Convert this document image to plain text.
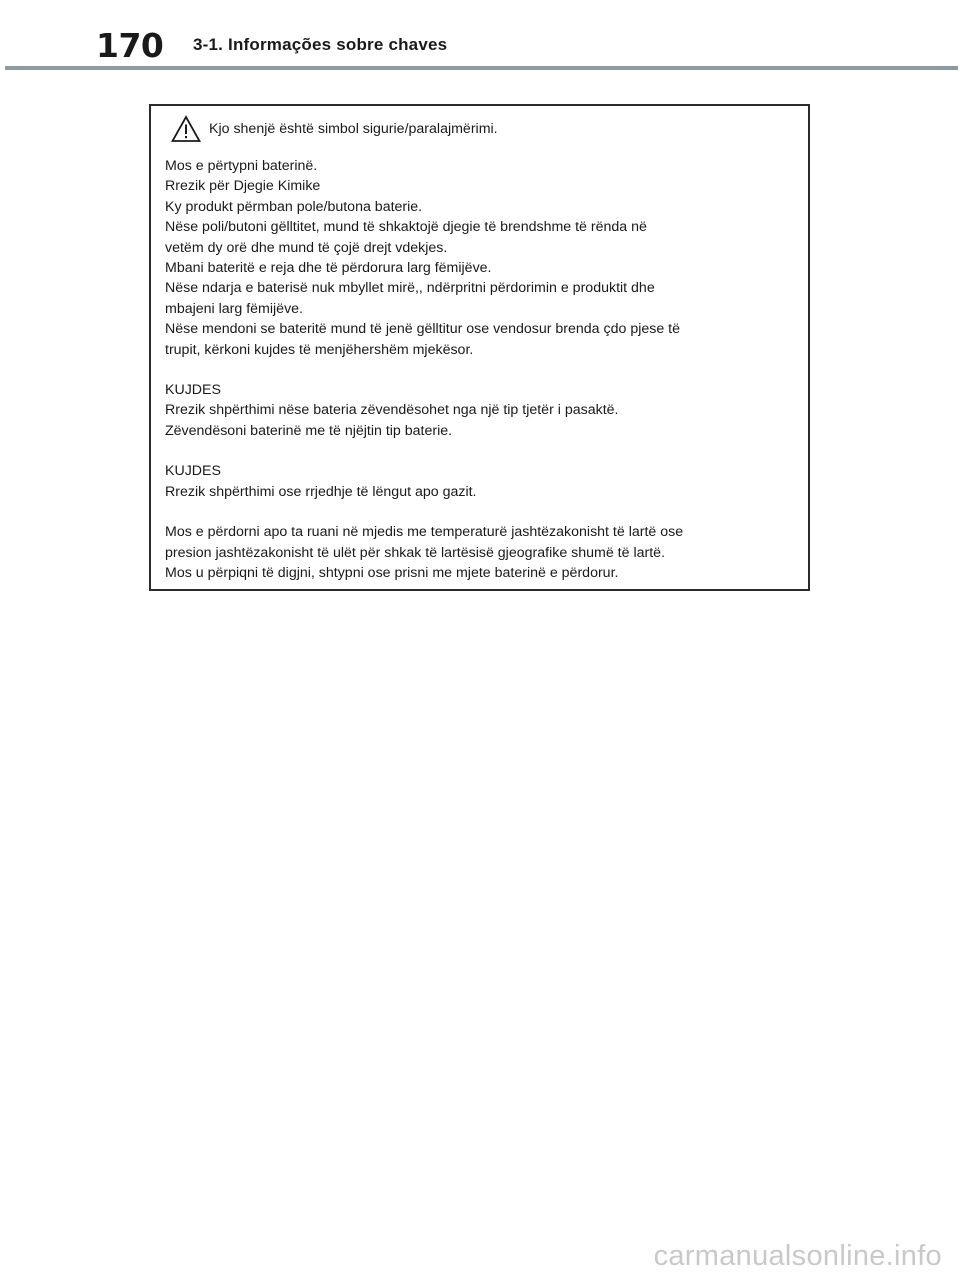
170 3-1. Informações sobre chaves
Kjo shenjë është simbol sigurie/paralajmërimi.
Mos e përtypni baterinë.
Rrezik për Djegie Kimike
Ky produkt përmban pole/butona baterie.
Nëse poli/butoni gëlltitet, mund të shkaktojë djegie të brendshme të rënda në
vetëm dy orë dhe mund të çojë drejt vdekjes.
Mbani bateritë e reja dhe të përdorura larg fëmijëve.
Nëse ndarja e baterisë nuk mbyllet mirë,, ndërpritni përdorimin e produktit dhe
mbajeni larg fëmijëve.
Nëse mendoni se bateritë mund të jenë gëlltitur ose vendosur brenda çdo pjese të
trupit, kërkoni kujdes të menjëhershëm mjekësor.
KUJDES
Rrezik shpërthimi nëse bateria zëvendësohet nga një tip tjetër i pasaktë.
Zëvendësoni baterinë me të njëjtin tip baterie.
KUJDES
Rrezik shpërthimi ose rrjedhje të lëngut apo gazit.
Mos e përdorni apo ta ruani në mjedis me temperaturë jashtëzakonisht të lartë ose
presion jashtëzakonisht të ulët për shkak të lartësisë gjeografike shumë të lartë.
Mos u përpiqni të digjni, shtypni ose prisni me mjete baterinë e përdorur.
carmanualsonline.info
